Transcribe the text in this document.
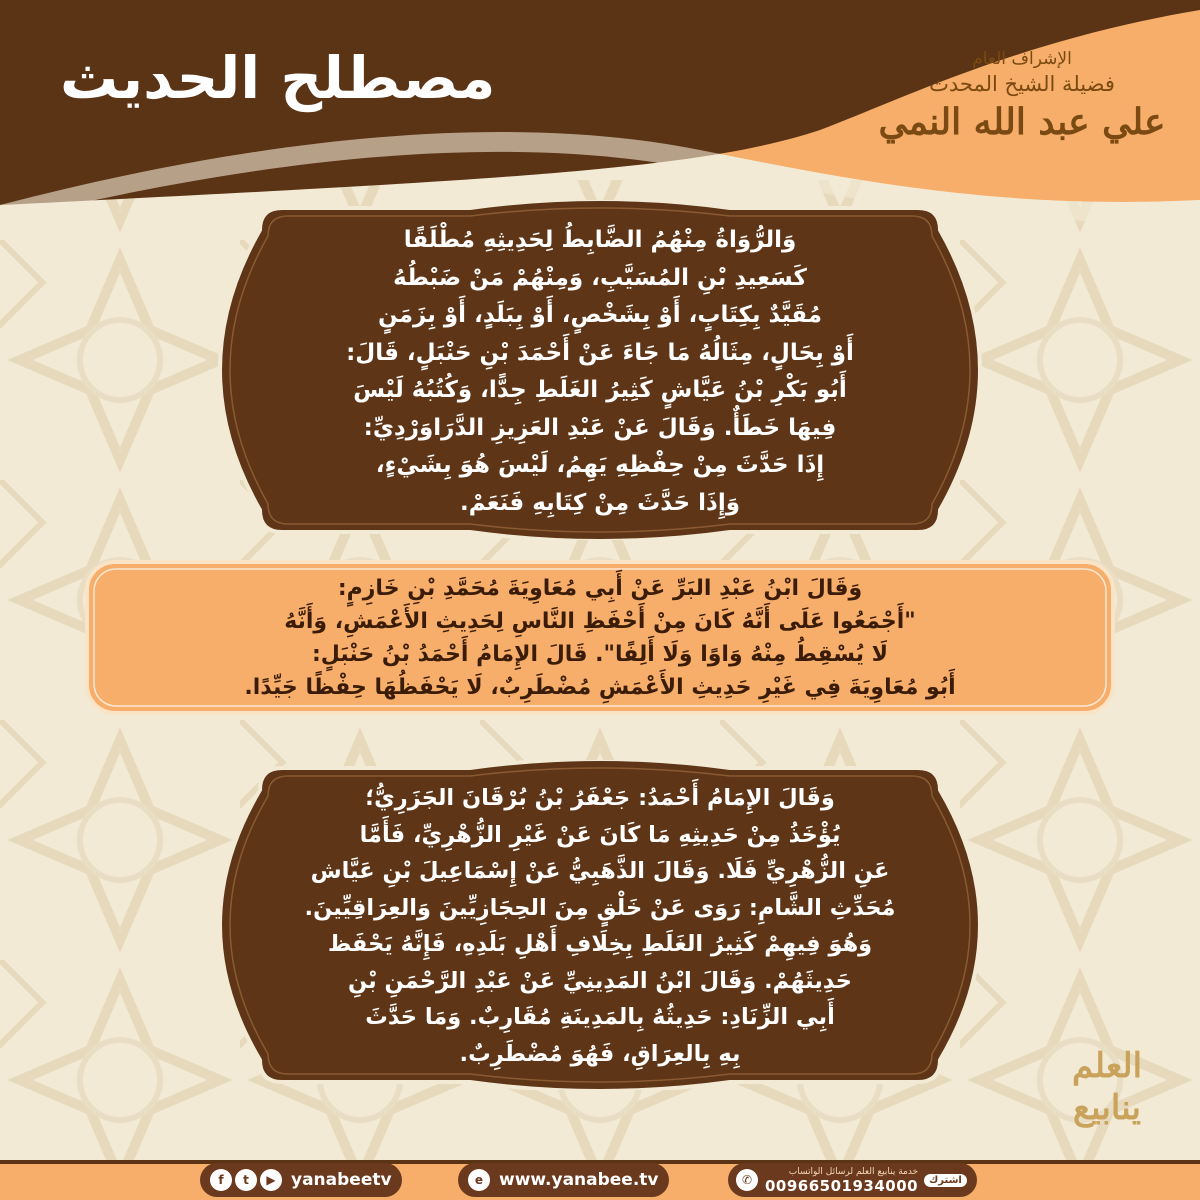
مصطلح الحديث	الإشراف العام
فضيلة الشيخ المحدث
علي عبد الله النمي
وَالرُّوَاةُ مِنْهُمُ الضَّابِطُ لِحَدِيثِهِ مُطْلَقًا
كَسَعِيدِ بْنِ المُسَيَّبِ، وَمِنْهُمْ مَنْ ضَبْطُهُ
مُقَيَّدٌ بِكِتَابٍ، أَوْ بِشَخْصٍ، أَوْ بِبَلَدٍ، أَوْ بِزَمَنٍ
أَوْ بِحَالٍ، مِثَالُهُ مَا جَاءَ عَنْ أَحْمَدَ بْنِ حَنْبَلٍ، قَالَ:
أَبُو بَكْرِ بْنُ عَيَّاشٍ كَثِيرُ الغَلَطِ جِدًّا، وَكُتُبُهُ لَيْسَ
فِيهَا خَطَأٌ. وَقَالَ عَنْ عَبْدِ العَزِيزِ الدَّرَاوَرْدِيِّ:
إِذَا حَدَّثَ مِنْ حِفْظِهِ يَهِمُ، لَيْسَ هُوَ بِشَيْءٍ،
وَإِذَا حَدَّثَ مِنْ كِتَابِهِ فَنَعَمْ.
وَقَالَ ابْنُ عَبْدِ البَرِّ عَنْ أَبِي مُعَاوِيَةَ مُحَمَّدِ بْنِ خَازِمٍ:
"أَجْمَعُوا عَلَى أَنَّهُ كَانَ مِنْ أَحْفَظِ النَّاسِ لِحَدِيثِ الأَعْمَشِ، وَأَنَّهُ
لَا يُسْقِطُ مِنْهُ وَاوًا وَلَا أَلِفًا". قَالَ الإِمَامُ أَحْمَدُ بْنُ حَنْبَلٍ:
أَبُو مُعَاوِيَةَ فِي غَيْرِ حَدِيثِ الأَعْمَشِ مُضْطَرِبٌ، لَا يَحْفَظُهَا حِفْظًا جَيِّدًا.
وَقَالَ الإِمَامُ أَحْمَدُ: جَعْفَرُ بْنُ بُرْقَانَ الجَزَرِيُّ؛
يُؤْخَذُ مِنْ حَدِيثِهِ مَا كَانَ عَنْ غَيْرِ الزُّهْرِيِّ، فَأَمَّا
عَنِ الزُّهْرِيِّ فَلَا. وَقَالَ الذَّهَبِيُّ عَنْ إِسْمَاعِيلَ بْنِ عَيَّاش
مُحَدِّثِ الشَّامِ: رَوَى عَنْ خَلْقٍ مِنَ الحِجَازِيِّينَ وَالعِرَاقِيِّينَ.
وَهُوَ فِيهِمْ كَثِيرُ الغَلَطِ بِخِلَافِ أَهْلِ بَلَدِهِ، فَإِنَّهُ يَحْفَظ
حَدِيثَهُمْ. وَقَالَ ابْنُ المَدِينِيِّ عَنْ عَبْدِ الرَّحْمَنِ بْنِ
أَبِي الزِّنَادِ: حَدِيثُهُ بِالمَدِينَةِ مُقَارِبٌ. وَمَا حَدَّثَ
بِهِ بِالعِرَاقِ، فَهُوَ مُضْطَرِبٌ.	العلم
ينابيع
f	t	▶ yanabeetv	e www.yanabee.tv	✆
خدمة ينابيع العلم لرسائل الواتساب
00966501934000	اشترك
